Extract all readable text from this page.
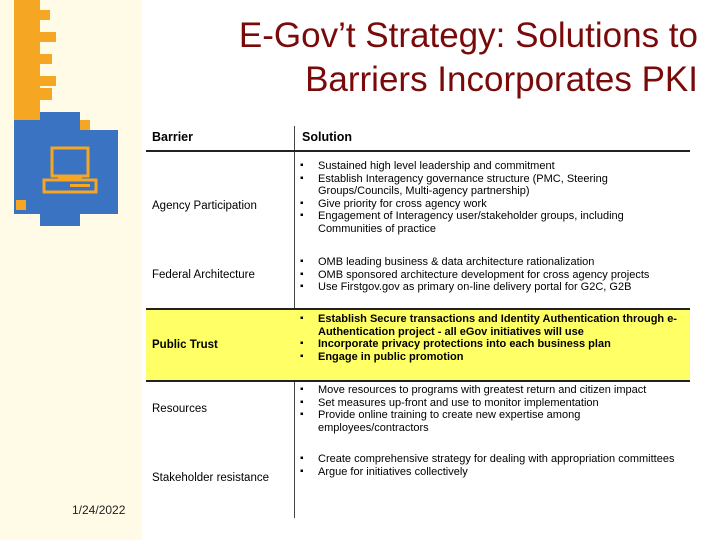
E-Gov’t Strategy: Solutions to
Barriers Incorporates PKI
Barrier	Solution
Agency Participation
▪ Sustained high level leadership and commitment
▪ Establish Interagency governance structure (PMC, Steering Groups/Councils, Multi-agency partnership)
▪ Give priority for cross agency work
▪ Engagement of Interagency user/stakeholder groups, including Communities of practice
Federal Architecture
▪ OMB leading business & data architecture rationalization
▪ OMB sponsored architecture development for cross agency projects
▪ Use Firstgov.gov as primary on-line delivery portal for G2C, G2B
Public Trust
▪ Establish Secure transactions and Identity Authentication through e-Authentication project - all eGov initiatives will use
▪ Incorporate privacy protections into each business plan
▪ Engage in public promotion
Resources
▪ Move resources to programs with greatest return and citizen impact
▪ Set measures up-front and use to monitor implementation
▪ Provide online training to create new expertise among employees/contractors
Stakeholder resistance
▪ Create comprehensive strategy for dealing with appropriation committees
▪ Argue for initiatives collectively
1/24/2022
